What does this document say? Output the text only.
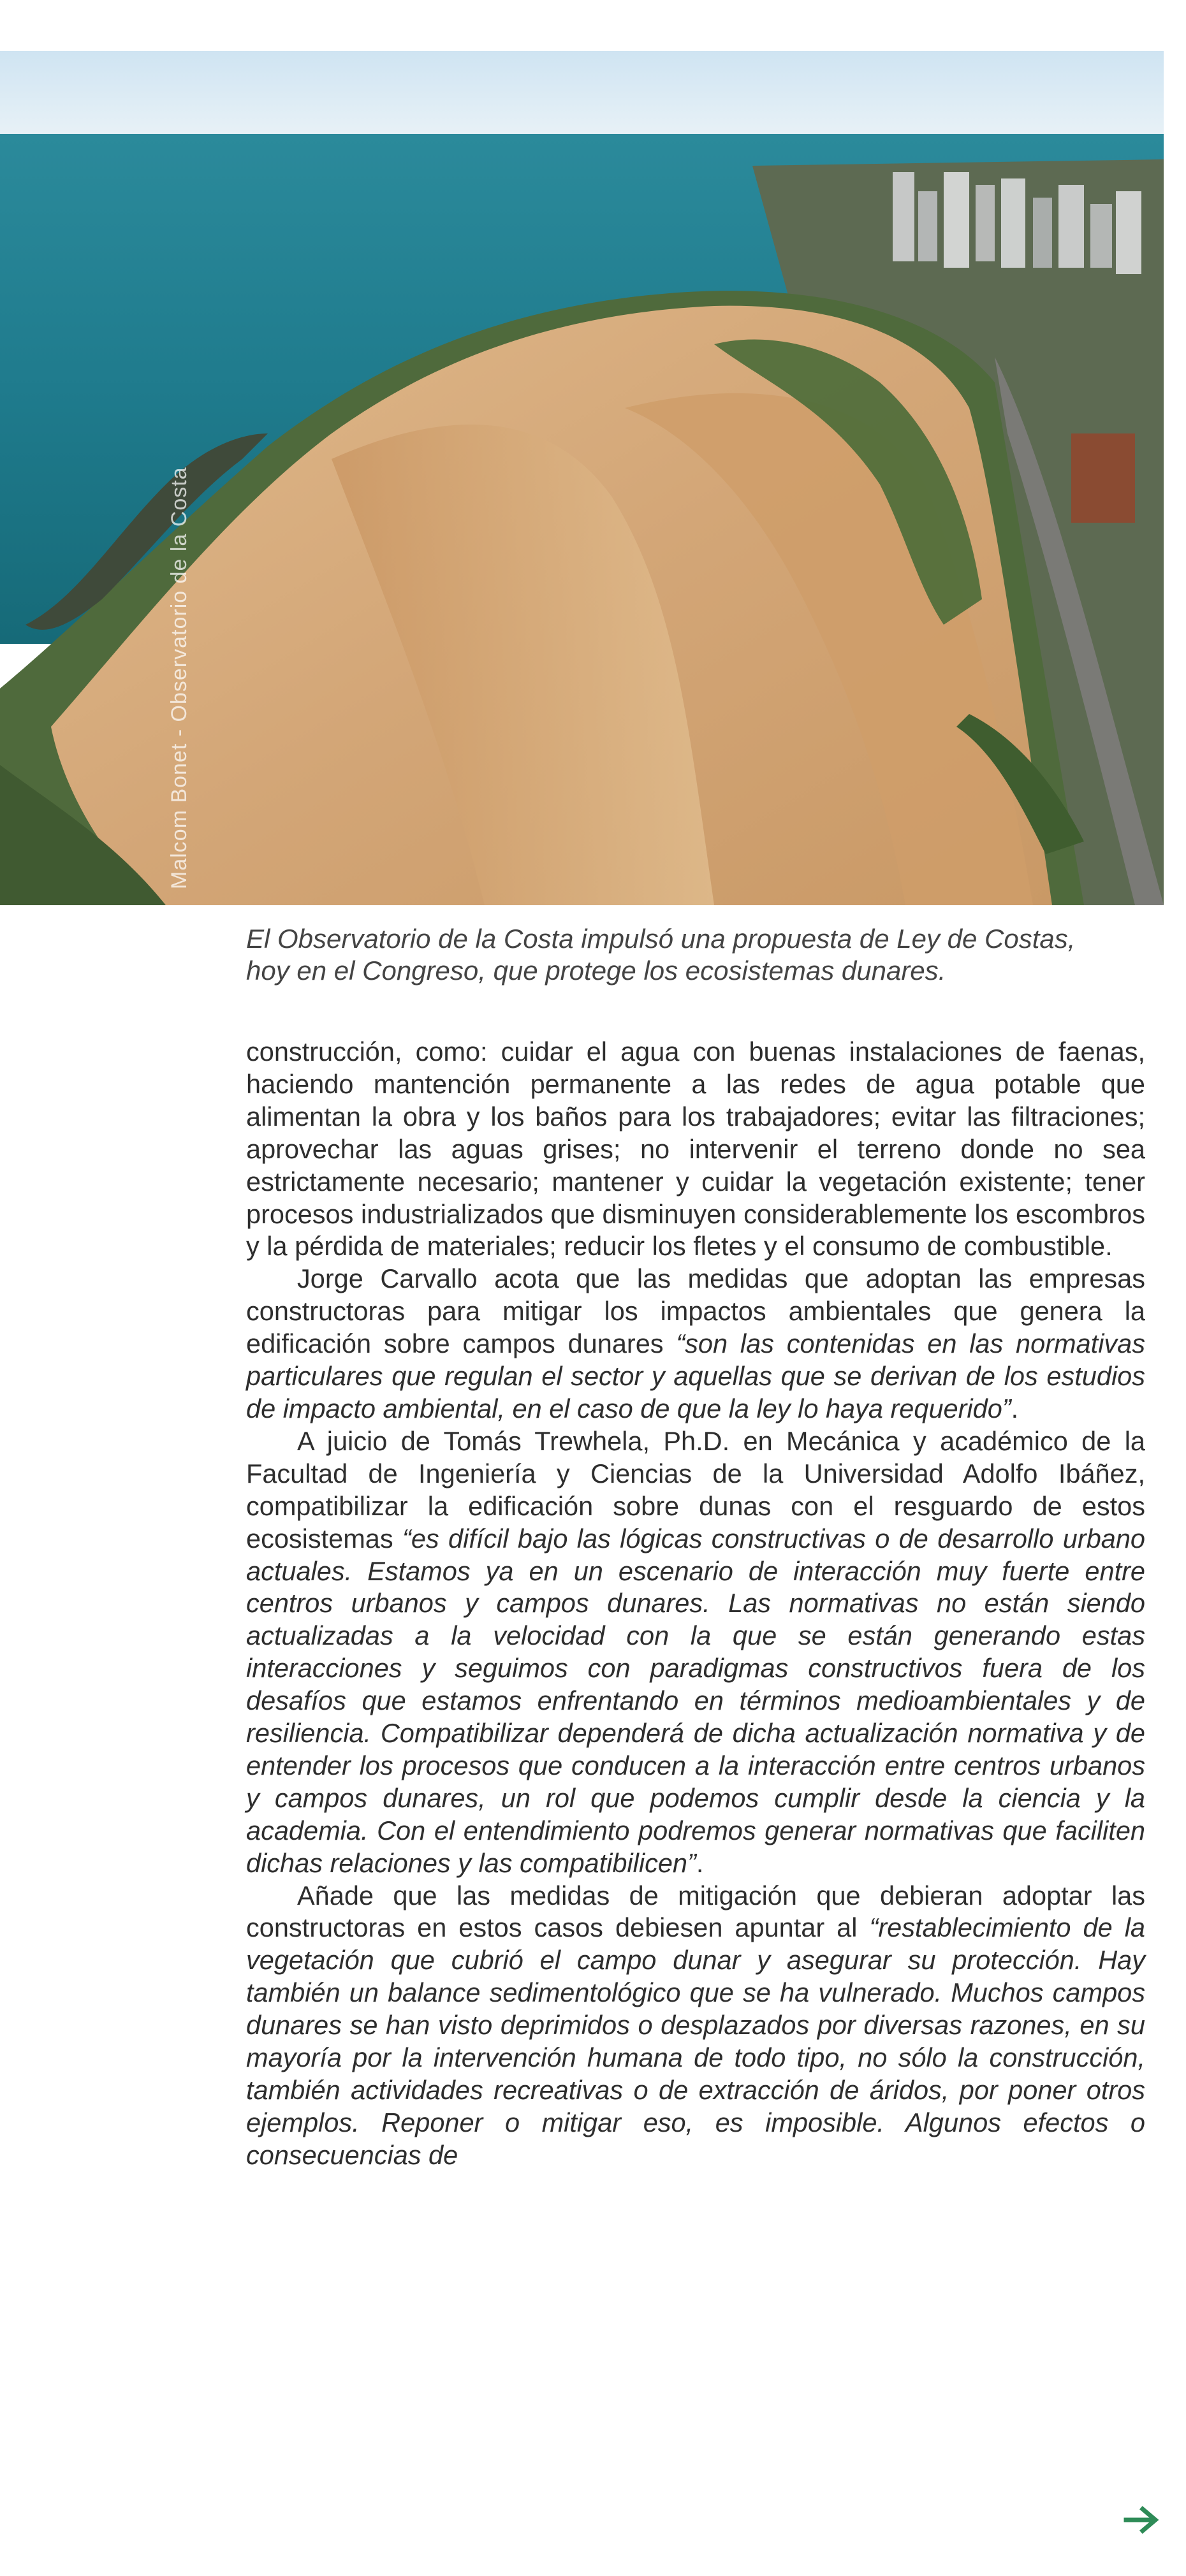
Malcom Bonet - Observatorio de la Costa
El Observatorio de la Costa impulsó una propuesta de Ley de Costas,
hoy en el Congreso, que protege los ecosistemas dunares.

construcción, como: cuidar el agua con buenas instalaciones de faenas, haciendo mantención permanente a las redes de agua potable que alimentan la obra y los baños para los trabajadores; evitar las filtraciones; aprovechar las aguas grises; no intervenir el terreno donde no sea estrictamente necesario; mantener y cuidar la vegetación existente; tener procesos industrializados que disminuyen considerablemente los escombros y la pérdida de materiales; reducir los fletes y el consumo de combustible.

Jorge Carvallo acota que las medidas que adoptan las empresas constructoras para mitigar los impactos ambientales que genera la edificación sobre campos dunares “son las contenidas en las normativas particulares que regulan el sector y aquellas que se derivan de los estudios de impacto ambiental, en el caso de que la ley lo haya requerido”.

A juicio de Tomás Trewhela, Ph.D. en Mecánica y académico de la Facultad de Ingeniería y Ciencias de la Universidad Adolfo Ibáñez, compatibilizar la edificación sobre dunas con el resguardo de estos ecosistemas “es difícil bajo las lógicas constructivas o de desarrollo urbano actuales. Estamos ya en un escenario de interacción muy fuerte entre centros urbanos y campos dunares. Las normativas no están siendo actualizadas a la velocidad con la que se están generando estas interacciones y seguimos con paradigmas constructivos fuera de los desafíos que estamos enfrentando en términos medioambientales y de resiliencia. Compatibilizar dependerá de dicha actualización normativa y de entender los procesos que conducen a la interacción entre centros urbanos y campos dunares, un rol que podemos cumplir desde la ciencia y la academia. Con el entendimiento podremos generar normativas que faciliten dichas relaciones y las compatibilicen”.

Añade que las medidas de mitigación que debieran adoptar las constructoras en estos casos debiesen apuntar al “restablecimiento de la vegetación que cubrió el campo dunar y asegurar su protección. Hay también un balance sedimentológico que se ha vulnerado. Muchos campos dunares se han visto deprimidos o desplazados por diversas razones, en su mayoría por la intervención humana de todo tipo, no sólo la construcción, también actividades recreativas o de extracción de áridos, por poner otros ejemplos. Reponer o mitigar eso, es imposible. Algunos efectos o consecuencias de
